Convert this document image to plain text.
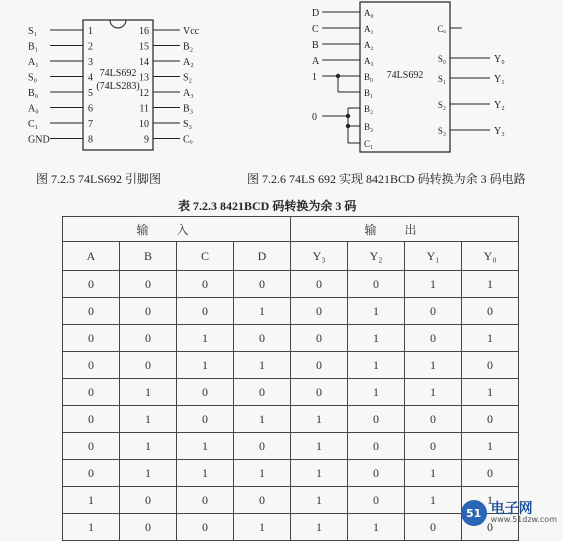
S₁	1
B₁	2
A₁	3
S₀	4
B₀	5
A₀	6
C₁	7
GND	8
16	Vcc
15	B₂
14	A₂
13	S₂
12	A₃
11	B₃
10	S₃
9	Cₒ
74LS692
(74LS283)
图 7.2.5 74LS692 引脚图
74LS692
A₀
A₁
A₂
A₃
B₀
B₁
B₂
B₃
C₁
Cₒ
S₀
S₁
S₂
S₃
Y₀
Y₁
Y₂
Y₃
D
C
B
A
1
0
图 7.2.6 74LS 692 实现 8421BCD 码转换为余 3 码电路
表 7.2.3 8421BCD 码转换为余 3 码
输入				输出			
A	B	C	D	Y₃	Y₂	Y₁	Y₀
0	0	0	0	0	0	1	1
0	0	0	1	0	1	0	0
0	0	1	0	0	1	0	1
0	0	1	1	0	1	1	0
0	1	0	0	0	1	1	1
0	1	0	1	1	0	0	0
0	1	1	0	1	0	0	1
0	1	1	1	1	0	1	0
1	0	0	0	1	0	1	1
1	0	0	1	1	1	0	0
51 电子网
www.51dzw.com
